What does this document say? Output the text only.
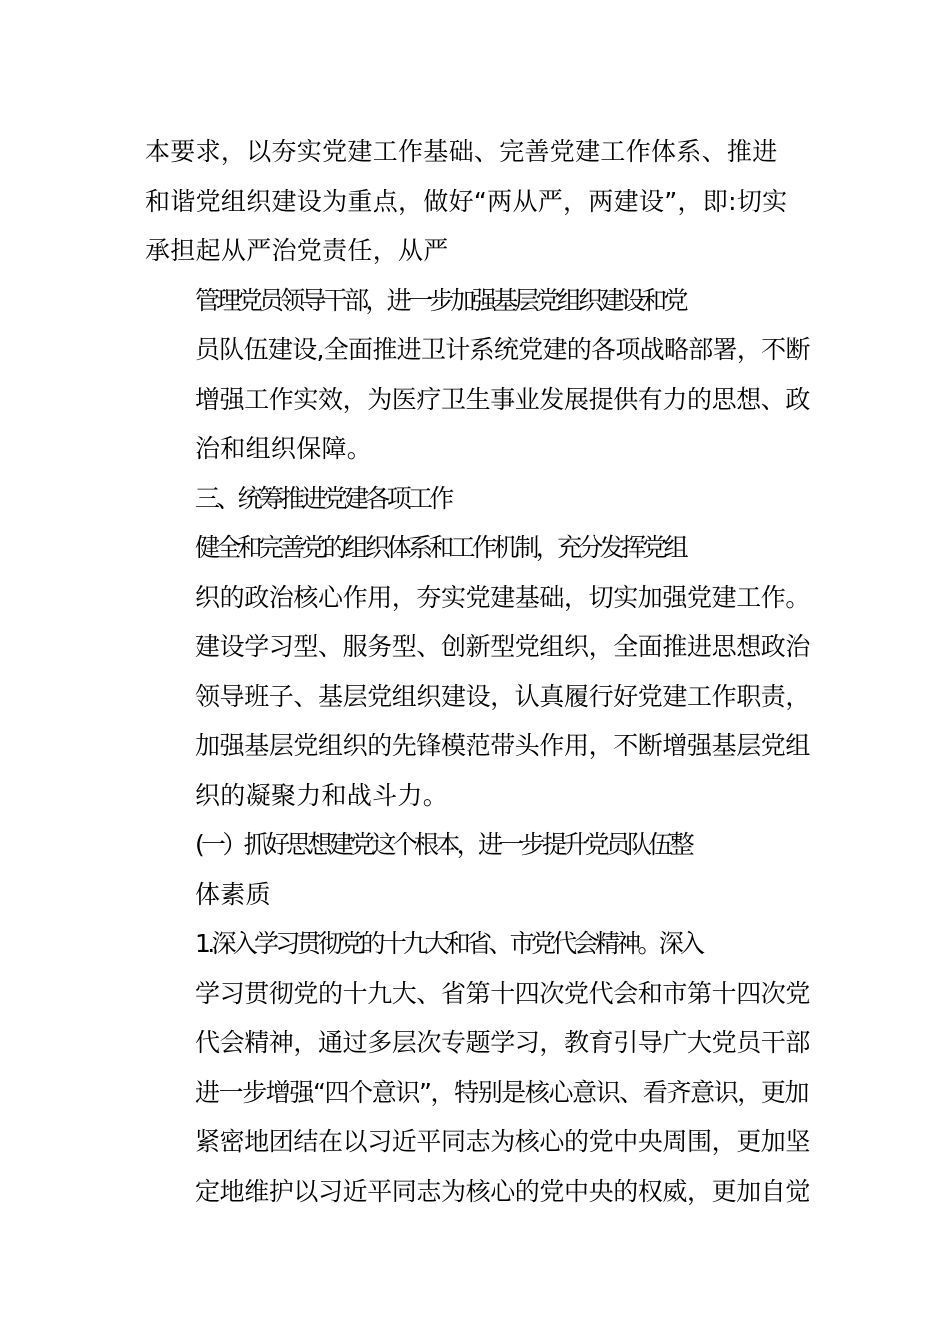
本要求，以夯实党建工作基础、完善党建工作体系、推进
和谐党组织建设为重点，做好“两从严，两建设”，即:切实
承担起从严治党责任，从严

管理党员领导干部，进一步加强基层党组织建设和党
员队伍建设,全面推进卫计系统党建的各项战略部署，不断
增强工作实效，为医疗卫生事业发展提供有力的思想、政
治和组织保障。

三、统筹推进党建各项工作

健全和完善党的组织体系和工作机制，充分发挥党组
织的政治核心作用，夯实党建基础，切实加强党建工作。
建设学习型、服务型、创新型党组织，全面推进思想政治
领导班子、基层党组织建设，认真履行好党建工作职责，
加强基层党组织的先锋模范带头作用，不断增强基层党组
织的凝聚力和战斗力。

(一）抓好思想建党这个根本，进一步提升党员队伍整
体素质

1.深入学习贯彻党的十九大和省、市党代会精神。深入
学习贯彻党的十九大、省第十四次党代会和市第十四次党
代会精神，通过多层次专题学习，教育引导广大党员干部
进一步增强“四个意识”，特别是核心意识、看齐意识，更加
紧密地团结在以习近平同志为核心的党中央周围，更加坚
定地维护以习近平同志为核心的党中央的权威，更加自觉
